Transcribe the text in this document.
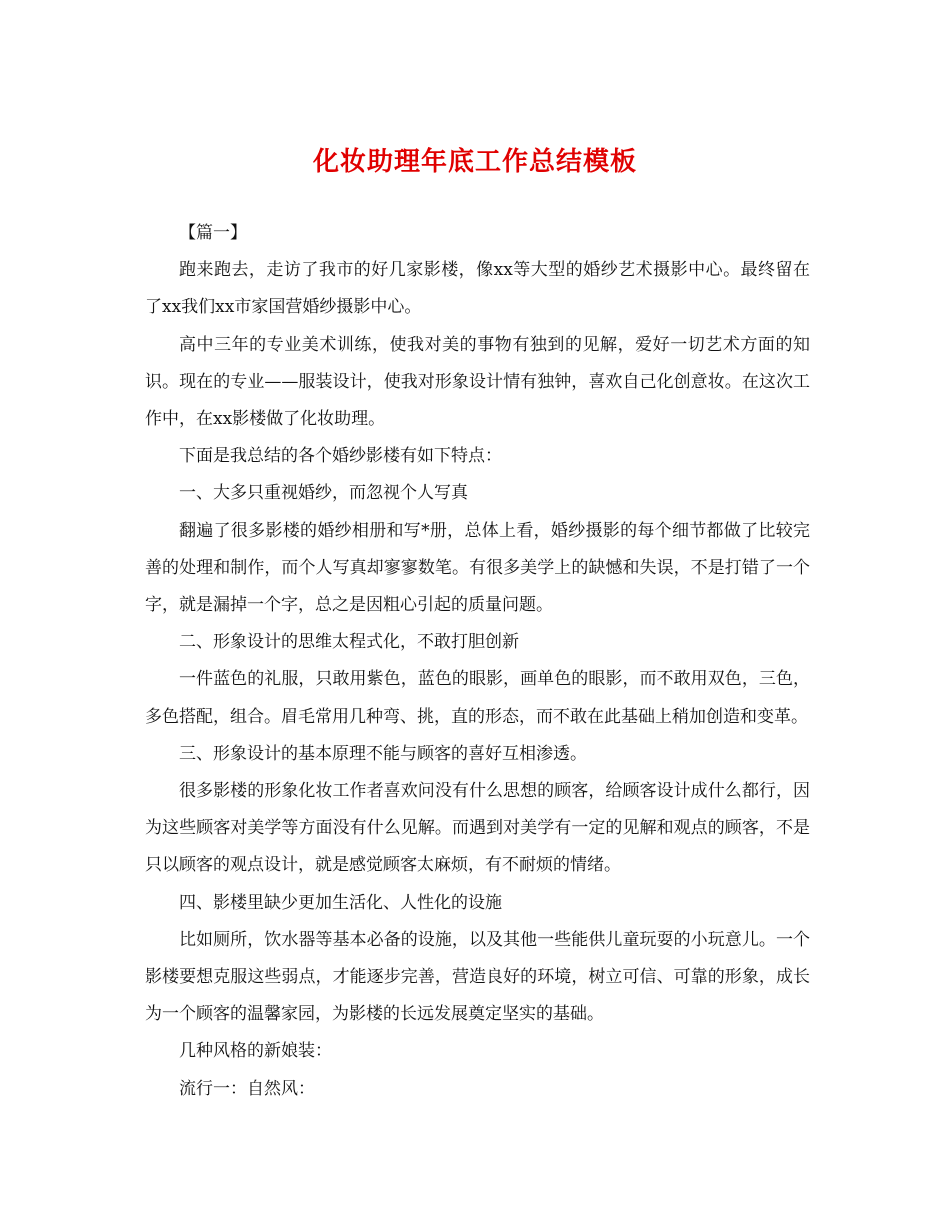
化妆助理年底工作总结模板

【篇一】

跑来跑去，走访了我市的好几家影楼，像xx等大型的婚纱艺术摄影中心。最终留在了xx我们xx市家国营婚纱摄影中心。

高中三年的专业美术训练，使我对美的事物有独到的见解，爱好一切艺术方面的知识。现在的专业——服装设计，使我对形象设计情有独钟，喜欢自己化创意妆。在这次工作中，在xx影楼做了化妆助理。

下面是我总结的各个婚纱影楼有如下特点：

一、大多只重视婚纱，而忽视个人写真

翻遍了很多影楼的婚纱相册和写*册，总体上看，婚纱摄影的每个细节都做了比较完善的处理和制作，而个人写真却寥寥数笔。有很多美学上的缺憾和失误，不是打错了一个字，就是漏掉一个字，总之是因粗心引起的质量问题。

二、形象设计的思维太程式化，不敢打胆创新

一件蓝色的礼服，只敢用紫色，蓝色的眼影，画单色的眼影，而不敢用双色，三色，多色搭配，组合。眉毛常用几种弯、挑，直的形态，而不敢在此基础上稍加创造和变革。

三、形象设计的基本原理不能与顾客的喜好互相渗透。

很多影楼的形象化妆工作者喜欢问没有什么思想的顾客，给顾客设计成什么都行，因为这些顾客对美学等方面没有什么见解。而遇到对美学有一定的见解和观点的顾客，不是只以顾客的观点设计，就是感觉顾客太麻烦，有不耐烦的情绪。

四、影楼里缺少更加生活化、人性化的设施

比如厕所，饮水器等基本必备的设施，以及其他一些能供儿童玩耍的小玩意儿。一个影楼要想克服这些弱点，才能逐步完善，营造良好的环境，树立可信、可靠的形象，成长为一个顾客的温馨家园，为影楼的长远发展奠定坚实的基础。

几种风格的新娘装：

流行一：自然风：
